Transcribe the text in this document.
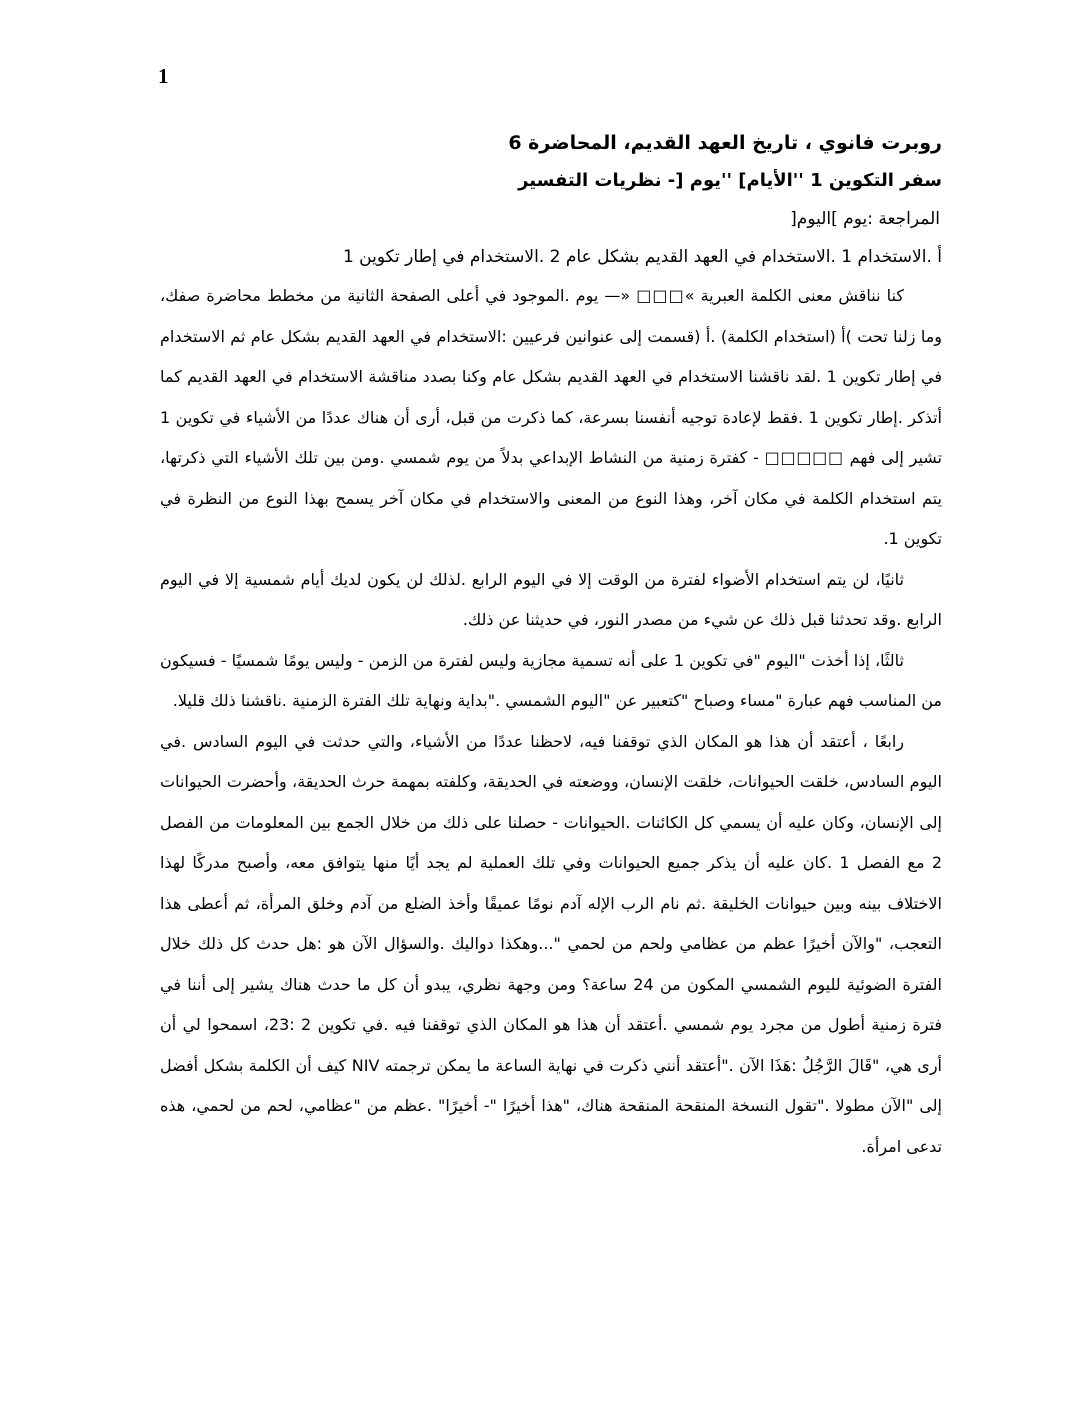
1
روبرت فانوي ، تاريخ العهد القديم، المحاضرة 6
سفر التكوين 1 ''الأيام] ''يوم [- نظريات التفسير

المراجعة :يوم ]اليوم[

أ .الاستخدام 1 .الاستخدام في العهد القديم بشكل عام 2 .الاستخدام في إطار تكوين 1

كنا نناقش معنى الكلمة العبرية »□□□ «— يوم .الموجود في أعلى الصفحة الثانية من مخطط محاضرة صفك، وما زلنا تحت )أ (استخدام الكلمة) .أ (قسمت إلى عنوانين فرعيين :الاستخدام في العهد القديم بشكل عام ثم الاستخدام في إطار تكوين 1 .لقد ناقشنا الاستخدام في العهد القديم بشكل عام وكنا بصدد مناقشة الاستخدام في العهد القديم كما أتذكر .إطار تكوين 1 .فقط لإعادة توجيه أنفسنا بسرعة، كما ذكرت من قبل، أرى أن هناك عددًا من الأشياء في تكوين 1 تشير إلى فهم □□□□□ - كفترة زمنية من النشاط الإبداعي بدلاً من يوم شمسي .ومن بين تلك الأشياء التي ذكرتها، يتم استخدام الكلمة في مكان آخر، وهذا النوع من المعنى والاستخدام في مكان آخر يسمح بهذا النوع من النظرة في تكوين 1.

ثانيًا، لن يتم استخدام الأضواء لفترة من الوقت إلا في اليوم الرابع .لذلك لن يكون لديك أيام شمسية إلا في اليوم الرابع .وقد تحدثنا قبل ذلك عن شيء من مصدر النور، في حديثنا عن ذلك.

ثالثًا، إذا أخذت "اليوم "في تكوين 1 على أنه تسمية مجازية وليس لفترة من الزمن - وليس يومًا شمسيًا - فسيكون من المناسب فهم عبارة "مساء وصباح "كتعبير عن "اليوم الشمسي ."بداية ونهاية تلك الفترة الزمنية .ناقشنا ذلك قليلا.

رابعًا ، أعتقد أن هذا هو المكان الذي توقفنا فيه، لاحظنا عددًا من الأشياء، والتي حدثت في اليوم السادس .في اليوم السادس، خلقت الحيوانات، خلقت الإنسان، ووضعته في الحديقة، وكلفته بمهمة حرث الحديقة، وأحضرت الحيوانات إلى الإنسان، وكان عليه أن يسمي كل الكائنات .الحيوانات - حصلنا على ذلك من خلال الجمع بين المعلومات من الفصل 2 مع الفصل 1 .كان عليه أن يذكر جميع الحيوانات وفي تلك العملية لم يجد أيًا منها يتوافق معه، وأصبح مدركًا لهذا الاختلاف بينه وبين حيوانات الخليقة .ثم نام الرب الإله آدم نومًا عميقًا وأخذ الضلع من آدم وخلق المرأة، ثم أعطى هذا التعجب، "والآن أخيرًا عظم من عظامي ولحم من لحمي "...وهكذا دواليك .والسؤال الآن هو :هل حدث كل ذلك خلال الفترة الضوئية لليوم الشمسي المكون من 24 ساعة؟ ومن وجهة نظري، يبدو أن كل ما حدث هناك يشير إلى أننا في فترة زمنية أطول من مجرد يوم شمسي .أعتقد أن هذا هو المكان الذي توقفنا فيه .في تكوين 2 :23، اسمحوا لي أن أرى هي، "قَالَ الرَّجُلُ :هَذَا الآن ."أعتقد أنني ذكرت في نهاية الساعة ما يمكن ترجمته NIV كيف أن الكلمة بشكل أفضل إلى "الآن مطولا ."تقول النسخة المنقحة المنقحة هناك، "هذا أخيرًا "- أخيرًا" .عظم من "عظامي، لحم من لحمي، هذه تدعى امرأة.
